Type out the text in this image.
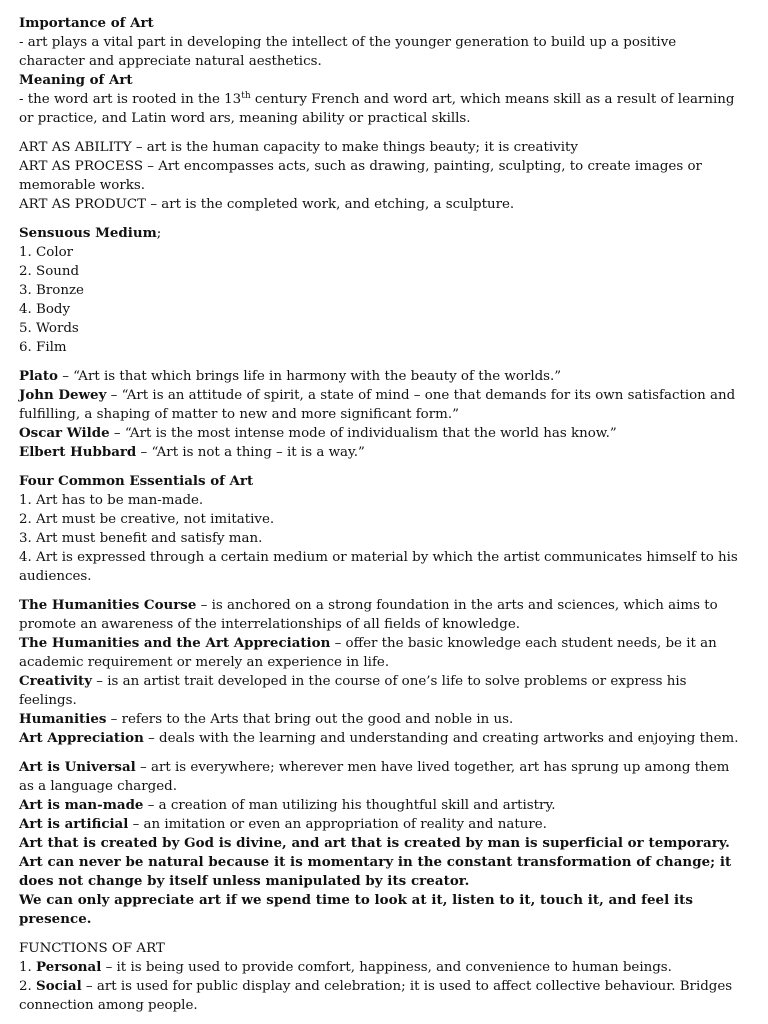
Importance of Art

- art plays a vital part in developing the intellect of the younger generation to build up a positive character and appreciate natural aesthetics.

Meaning of Art

- the word art is rooted in the 13th century French and word art, which means skill as a result of learning or practice, and Latin word ars, meaning ability or practical skills.

ART AS ABILITY – art is the human capacity to make things beauty; it is creativity

ART AS PROCESS – Art encompasses acts, such as drawing, painting, sculpting, to create images or memorable works.

ART AS PRODUCT – art is the completed work, and etching, a sculpture.

Sensuous Medium;

1. Color

2. Sound

3. Bronze

4. Body

5. Words

6. Film

Plato – “Art is that which brings life in harmony with the beauty of the worlds.”

John Dewey – “Art is an attitude of spirit, a state of mind – one that demands for its own satisfaction and fulfilling, a shaping of matter to new and more significant form.”

Oscar Wilde – “Art is the most intense mode of individualism that the world has know.”

Elbert Hubbard – “Art is not a thing – it is a way.”

Four Common Essentials of Art

1. Art has to be man-made.

2. Art must be creative, not imitative.

3. Art must benefit and satisfy man.

4. Art is expressed through a certain medium or material by which the artist communicates himself to his audiences.

The Humanities Course – is anchored on a strong foundation in the arts and sciences, which aims to promote an awareness of the interrelationships of all fields of knowledge.

The Humanities and the Art Appreciation – offer the basic knowledge each student needs, be it an academic requirement or merely an experience in life.

Creativity – is an artist trait developed in the course of one’s life to solve problems or express his feelings.

Humanities – refers to the Arts that bring out the good and noble in us.

Art Appreciation – deals with the learning and understanding and creating artworks and enjoying them.

Art is Universal – art is everywhere; wherever men have lived together, art has sprung up among them as a language charged.

Art is man-made – a creation of man utilizing his thoughtful skill and artistry.

Art is artificial – an imitation or even an appropriation of reality and nature.

Art that is created by God is divine, and art that is created by man is superficial or temporary.

Art can never be natural because it is momentary in the constant transformation of change; it does not change by itself unless manipulated by its creator.

We can only appreciate art if we spend time to look at it, listen to it, touch it, and feel its presence.

FUNCTIONS OF ART

1. Personal – it is being used to provide comfort, happiness, and convenience to human beings.

2. Social – art is used for public display and celebration; it is used to affect collective behaviour. Bridges connection among people.
